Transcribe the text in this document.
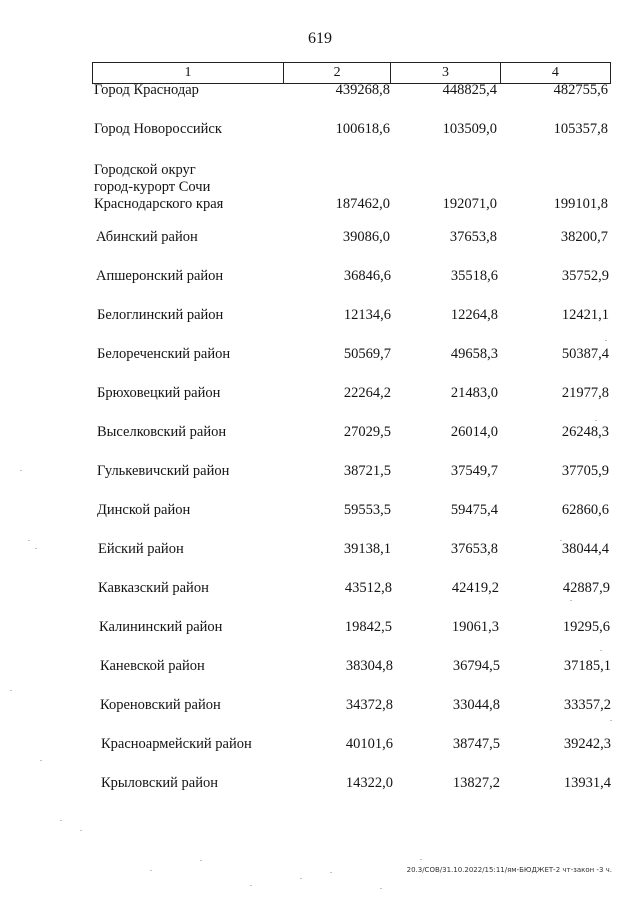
619
1	2	3	4
Город Краснодар	439268,8	448825,4	482755,6
Город Новороссийск	100618,6	103509,0	105357,8
Городской округ
город-курорт Сочи
Краснодарского края	187462,0	192071,0	199101,8
Абинский район	39086,0	37653,8	38200,7
Апшеронский район	36846,6	35518,6	35752,9
Белоглинский район	12134,6	12264,8	12421,1
Белореченский район	50569,7	49658,3	50387,4
Брюховецкий район	22264,2	21483,0	21977,8
Выселковский район	27029,5	26014,0	26248,3
Гулькевичский район	38721,5	37549,7	37705,9
Динской район	59553,5	59475,4	62860,6
Ейский район	39138,1	37653,8	38044,4
Кавказский район	43512,8	42419,2	42887,9
Калининский район	19842,5	19061,3	19295,6
Каневской район	38304,8	36794,5	37185,1
Кореновский район	34372,8	33044,8	33357,2
Красноармейский район	40101,6	38747,5	39242,3
Крыловский район	14322,0	13827,2	13931,4
20.3/СОВ/31.10.2022/15:11/ям-БЮДЖЕТ-2 чт-закон -3 ч.
